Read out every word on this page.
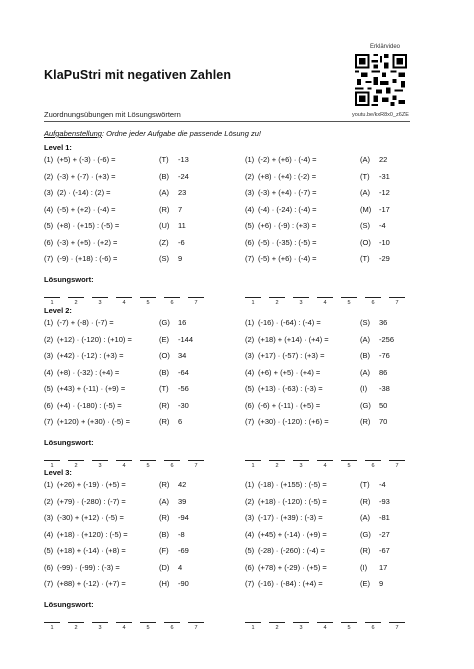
Erklärvideo
KlaPuStri mit negativen Zahlen
Zuordnungsübungen mit Lösungswörtern	youtu.be/kxR8x0_z6ZE
Aufgabenstellung: Ordne jeder Aufgabe die passende Lösung zu!
Level 1:
(1) (+5) + (-3) · (-6) =	(T) -13
(2) (-3) + (-7) · (+3) =	(B) -24
(3) (2) · (-14) : (2) =	(A) 23
(4) (-5) + (+2) · (-4) =	(R) 7
(5) (+8) · (+15) : (-5) =	(U) 11
(6) (-3) + (+5) · (+2) =	(Z) -6
(7) (-9) · (+18) : (-6) =	(S) 9
(1) (-2) + (+6) · (-4) =	(A) 22
(2) (+8) · (+4) : (-2) =	(T) -31
(3) (-3) + (+4) · (-7) =	(A) -12
(4) (-4) · (-24) : (-4) =	(M) -17
(5) (+6) · (-9) : (+3) =	(S) -4
(6) (-5) · (-35) : (-5) =	(O) -10
(7) (-5) + (+6) · (-4) =	(T) -29
Lösungswort:
1	2	3	4	5	6	7	1	2	3	4	5	6	7
Level 2:
(1) (-7) + (-8) · (-7) =	(G) 16
(2) (+12) · (-120) : (+10) =	(E) -144
(3) (+42) · (-12) : (+3) =	(O) 34
(4) (+8) · (-32) : (+4) =	(B) -64
(5) (+43) + (-11) · (+9) =	(T) -56
(6) (+4) · (-180) : (-5) =	(R) -30
(7) (+120) + (+30) · (-5) =	(R) 6
(1) (-16) · (-64) : (-4) =	(S) 36
(2) (+18) + (+14) · (+4) =	(A) -256
(3) (+17) · (-57) : (+3) =	(B) -76
(4) (+6) + (+5) · (+4) =	(A) 86
(5) (+13) · (-63) : (-3) =	(I) -38
(6) (-6) + (-11) · (+5) =	(G) 50
(7) (+30) · (-120) : (+6) =	(R) 70
Lösungswort:
1	2	3	4	5	6	7	1	2	3	4	5	6	7
Level 3:
(1) (+26) + (-19) · (+5) =	(R) 42
(2) (+79) · (-280) : (-7) =	(A) 39
(3) (-30) + (+12) · (-5) =	(R) -94
(4) (+18) · (+120) : (-5) =	(B) -8
(5) (+18) + (-14) · (+8) =	(F) -69
(6) (-99) · (-99) : (-3) =	(D) 4
(7) (+88) + (-12) · (+7) =	(H) -90
(1) (-18) · (+155) : (-5) =	(T) -4
(2) (+18) · (-120) : (-5) =	(R) -93
(3) (-17) · (+39) : (-3) =	(A) -81
(4) (+45) + (-14) · (+9) =	(G) -27
(5) (-28) · (-260) : (-4) =	(R) -67
(6) (+78) + (-29) · (+5) =	(I) 17
(7) (-16) · (-84) : (+4) =	(E) 9
Lösungswort:
1	2	3	4	5	6	7	1	2	3	4	5	6	7
